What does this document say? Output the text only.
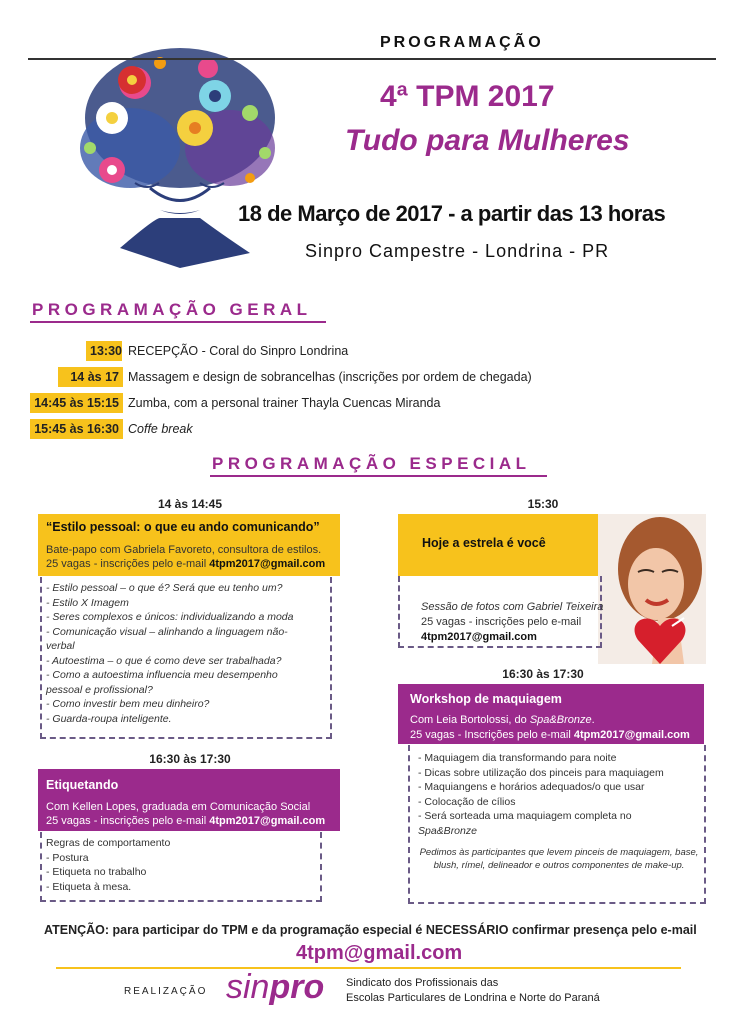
PROGRAMAÇÃO
4ª TPM 2017
Tudo para Mulheres
18 de Março de 2017 - a partir das 13 horas
Sinpro Campestre - Londrina - PR
PROGRAMAÇÃO GERAL
13:30 RECEPÇÃO - Coral do Sinpro Londrina
14 às 17 Massagem e design de sobrancelhas (inscrições por ordem de chegada)
14:45 às 15:15 Zumba, com a personal trainer Thayla Cuencas Miranda
15:45 às 16:30 Coffe break
PROGRAMAÇÃO ESPECIAL
14 às 14:45
“Estilo pessoal: o que eu ando comunicando”
Bate-papo com Gabriela Favoreto, consultora de estilos.
25 vagas - inscrições pelo e-mail 4tpm2017@gmail.com
- Estilo pessoal – o que é? Será que eu tenho um?
- Estilo X Imagem
- Seres complexos e únicos: individualizando a moda
- Comunicação visual – alinhando a linguagem não-
verbal
- Autoestima – o que é como deve ser trabalhada?
- Como a autoestima influencia meu desempenho
pessoal e profissional?
- Como investir bem meu dinheiro?
- Guarda-roupa inteligente.
16:30 às 17:30
Etiquetando
Com Kellen Lopes, graduada em Comunicação Social
25 vagas - inscrições pelo e-mail 4tpm2017@gmail.com
Regras de comportamento
- Postura
- Etiqueta no trabalho
- Etiqueta à mesa.
15:30
Hoje a estrela é você
Sessão de fotos com Gabriel Teixeira
25 vagas - inscrições pelo e-mail
4tpm2017@gmail.com
16:30 às 17:30
Workshop de maquiagem
Com Leia Bortolossi, do Spa&Bronze.
25 vagas - Inscrições pelo e-mail 4tpm2017@gmail.com
- Maquiagem dia transformando para noite
- Dicas sobre utilização dos pinceis para maquiagem
- Maquiangens e horários adequados/o que usar
- Colocação de cílios
- Será sorteada uma maquiagem completa no
Spa&Bronze
Pedimos às participantes que levem pinceis de maquiagem, base, blush, rímel, delineador e outros componentes de make-up.
ATENÇÃO: para participar do TPM e da programação especial é NECESSÁRIO confirmar presença pelo e-mail
4tpm@gmail.com
REALIZAÇÃO sinpro Sindicato dos Profissionais das
Escolas Particulares de Londrina e Norte do Paraná
